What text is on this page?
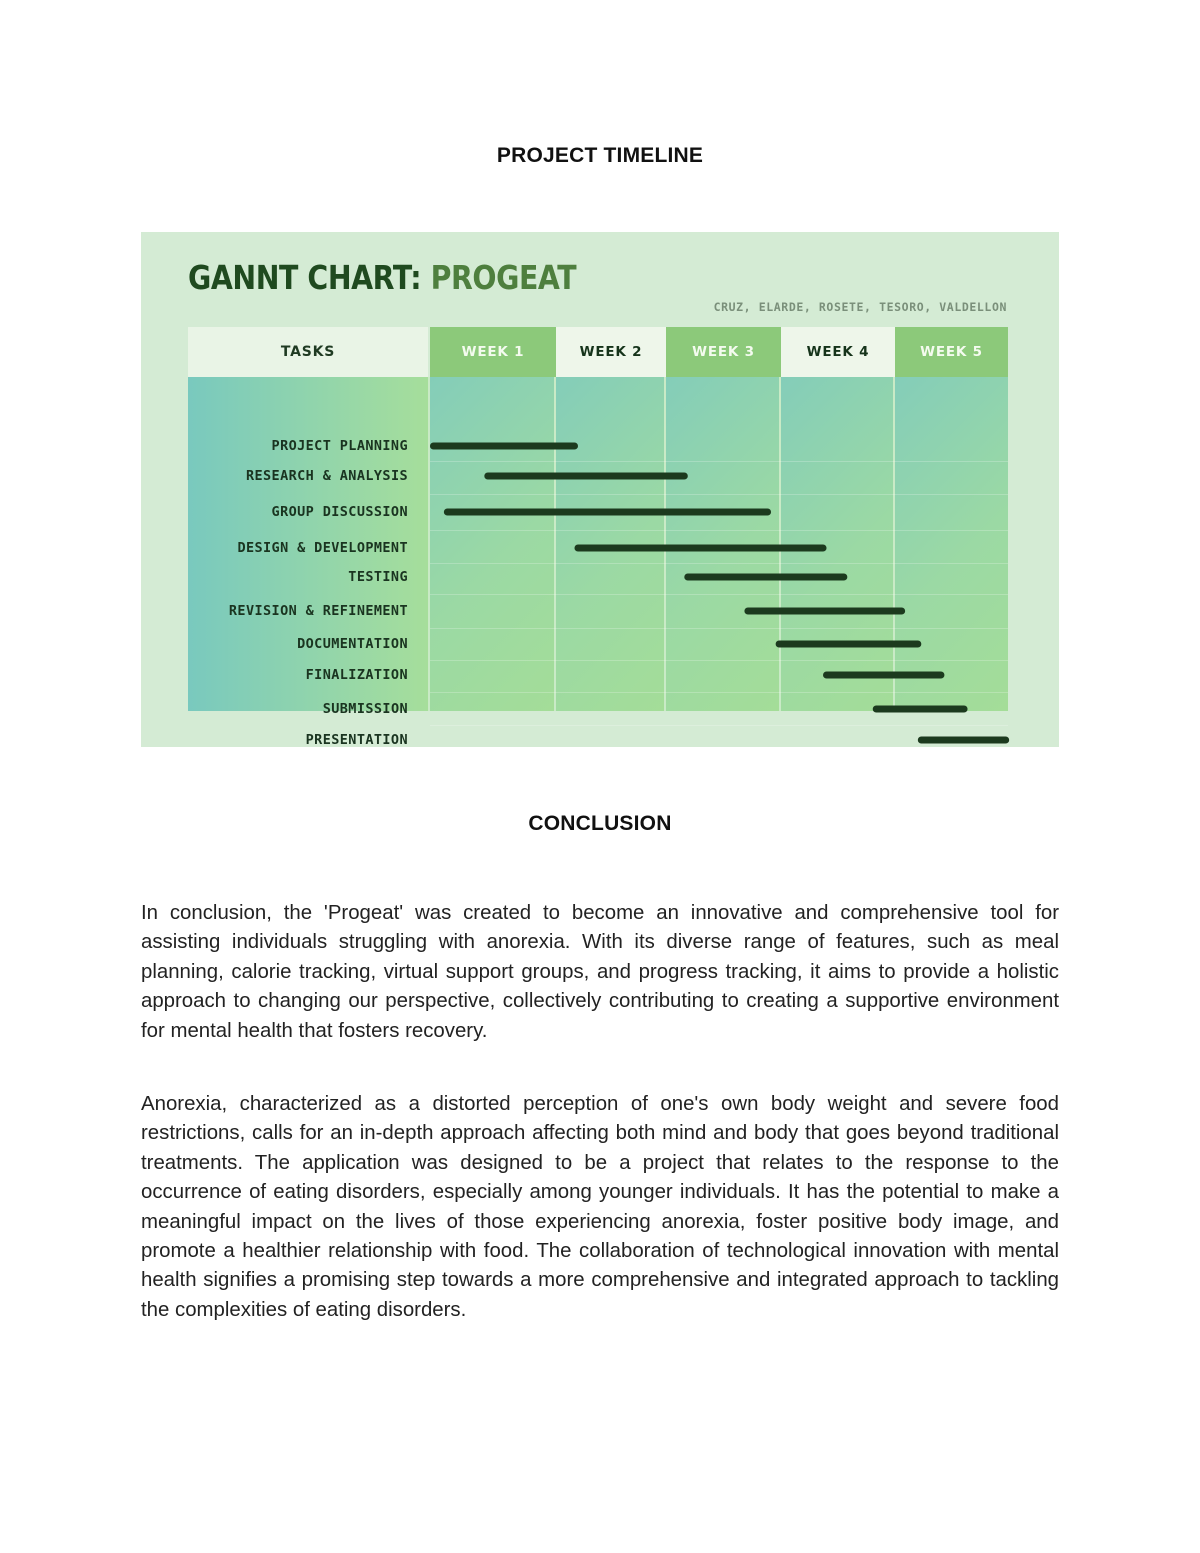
PROJECT TIMELINE
GANNT CHART: PROGEAT
CRUZ, ELARDE, ROSETE, TESORO, VALDELLON
TASKS	WEEK 1	WEEK 2	WEEK 3	WEEK 4	WEEK 5
PROJECT PLANNING
RESEARCH & ANALYSIS
GROUP DISCUSSION
DESIGN & DEVELOPMENT
TESTING
REVISION & REFINEMENT
DOCUMENTATION
FINALIZATION
SUBMISSION
PRESENTATION
CONCLUSION

In conclusion, the 'Progeat' was created to become an innovative and comprehensive tool for assisting individuals struggling with anorexia. With its diverse range of features, such as meal planning, calorie tracking, virtual support groups, and progress tracking, it aims to provide a holistic approach to changing our perspective, collectively contributing to creating a supportive environment for mental health that fosters recovery.

Anorexia, characterized as a distorted perception of one's own body weight and severe food restrictions, calls for an in-depth approach affecting both mind and body that goes beyond traditional treatments. The application was designed to be a project that relates to the response to the occurrence of eating disorders, especially among younger individuals. It has the potential to make a meaningful impact on the lives of those experiencing anorexia, foster positive body image, and promote a healthier relationship with food. The collaboration of technological innovation with mental health signifies a promising step towards a more comprehensive and integrated approach to tackling the complexities of eating disorders.
